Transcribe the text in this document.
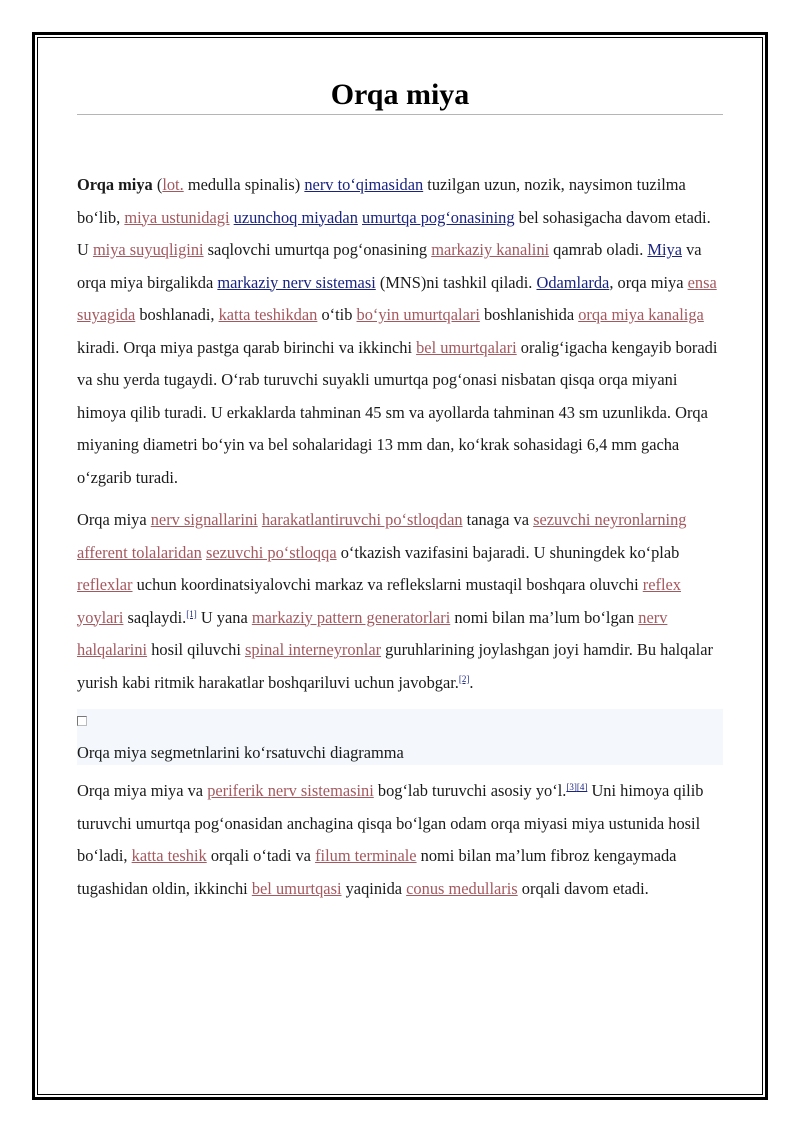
Orqa miya

Orqa miya (lot. medulla spinalis) nerv to‘qimasidan tuzilgan uzun, nozik, naysimon tuzilma bo‘lib, miya ustunidagi uzunchoq miyadan umurtqa pog‘onasining bel sohasigacha davom etadi. U miya suyuqligini saqlovchi umurtqa pog‘onasining markaziy kanalini qamrab oladi. Miya va orqa miya birgalikda markaziy nerv sistemasi (MNS)ni tashkil qiladi. Odamlarda, orqa miya ensa suyagida boshlanadi, katta teshikdan o‘tib bo‘yin umurtqalari boshlanishida orqa miya kanaliga kiradi. Orqa miya pastga qarab birinchi va ikkinchi bel umurtqalari oralig‘igacha kengayib boradi va shu yerda tugaydi. O‘rab turuvchi suyakli umurtqa pog‘onasi nisbatan qisqa orqa miyani himoya qilib turadi. U erkaklarda tahminan 45 sm va ayollarda tahminan 43 sm uzunlikda. Orqa miyaning diametri bo‘yin va bel sohalaridagi 13 mm dan, ko‘krak sohasidagi 6,4 mm gacha o‘zgarib turadi.

Orqa miya nerv signallarini harakatlantiruvchi po‘stloqdan tanaga va sezuvchi neyronlarning afferent tolalaridan sezuvchi po‘stloqqa o‘tkazish vazifasini bajaradi. U shuningdek ko‘plab reflexlar uchun koordinatsiyalovchi markaz va reflekslarni mustaqil boshqara oluvchi reflex yoylari saqlaydi.[1] U yana markaziy pattern generatorlari nomi bilan ma’lum bo‘lgan nerv halqalarini hosil qiluvchi spinal interneyronlar guruhlarining joylashgan joyi hamdir. Bu halqalar yurish kabi ritmik harakatlar boshqariluvi uchun javobgar.[2].

Orqa miya segmetnlarini ko‘rsatuvchi diagramma

Orqa miya miya va periferik nerv sistemasini bog‘lab turuvchi asosiy yo‘l.[3][4] Uni himoya qilib turuvchi umurtqa pog‘onasidan anchagina qisqa bo‘lgan odam orqa miyasi miya ustunida hosil bo‘ladi, katta teshik orqali o‘tadi va filum terminale nomi bilan ma’lum fibroz kengaymada tugashidan oldin, ikkinchi bel umurtqasi yaqinida conus medullaris orqali davom etadi.
